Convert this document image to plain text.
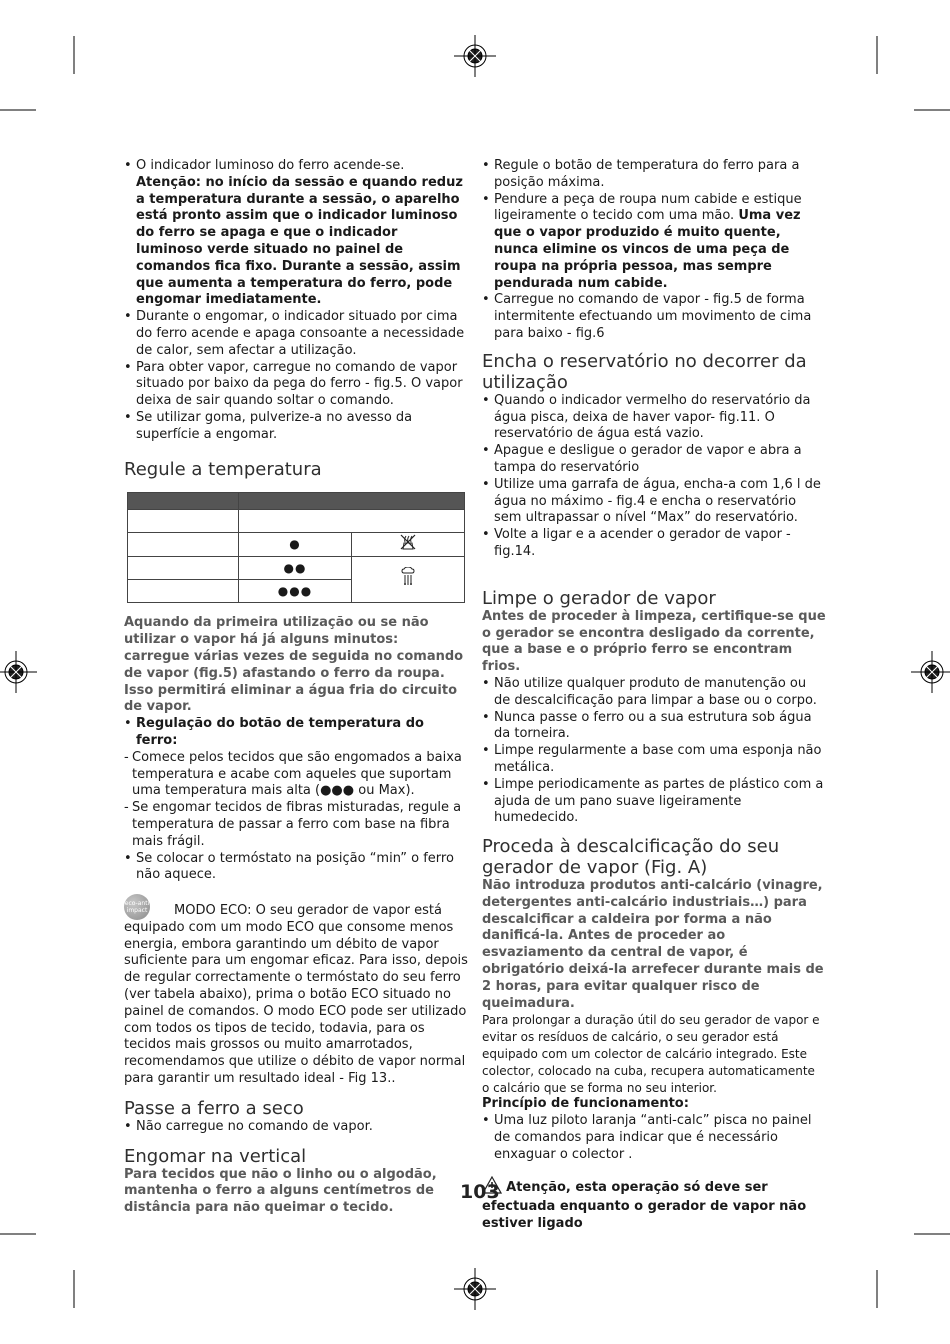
• O indicador luminoso do ferro acende-se. Atenção: no início da sessão e quando reduz a temperatura durante a sessão, o aparelho está pronto assim que o indicador luminoso do ferro se apaga e que o indicador luminoso verde situado no painel de comandos fica fixo. Durante a sessão, assim que aumenta a temperatura do ferro, pode engomar imediatamente.
• Durante o engomar, o indicador situado por cima do ferro acende e apaga consoante a necessidade de calor, sem afectar a utilização.
• Para obter vapor, carregue no comando de vapor situado por baixo da pega do ferro - fig.5. O vapor deixa de sair quando soltar o comando.
• Se utilizar goma, pulverize-a no avesso da superfície a engomar.
Regule a temperatura

	●	
	●●	
	●●●	

Aquando da primeira utilização ou se não utilizar o vapor há já alguns minutos: carregue várias vezes de seguida no comando de vapor (fig.5) afastando o ferro da roupa. Isso permitirá eliminar a água fria do circuito de vapor.

• Regulação do botão de temperatura do ferro:
- Comece pelos tecidos que são engomados a baixa temperatura e acabe com aqueles que suportam uma temperatura mais alta (●●● ou Max).
- Se engomar tecidos de fibras misturadas, regule a temperatura de passar a ferro com base na fibra mais frágil.
• Se colocar o termóstato na posição “min” o ferro não aquece.
eco-anti impact	MODO ECO: O seu gerador de vapor está equipado com um modo ECO que consome menos energia, embora garantindo um débito de vapor suficiente para um engomar eficaz. Para isso, depois de regular correctamente o termóstato do seu ferro (ver tabela abaixo), prima o botão ECO situado no painel de comandos. O modo ECO pode ser utilizado com todos os tipos de tecido, todavia, para os tecidos mais grossos ou muito amarrotados, recomendamos que utilize o débito de vapor normal para garantir um resultado ideal - Fig 13..

Passe a ferro a seco
• Não carregue no comando de vapor.
Engomar na vertical

Para tecidos que não o linho ou o algodão, mantenha o ferro a alguns centímetros de distância para não queimar o tecido.

• Regule o botão de temperatura do ferro para a posição máxima.
• Pendure a peça de roupa num cabide e estique ligeiramente o tecido com uma mão. Uma vez que o vapor produzido é muito quente, nunca elimine os vincos de uma peça de roupa na própria pessoa, mas sempre pendurada num cabide.
• Carregue no comando de vapor - fig.5 de forma intermitente efectuando um movimento de cima para baixo - fig.6
Encha o reservatório no decorrer da utilização
• Quando o indicador vermelho do reservatório da água pisca, deixa de haver vapor- fig.11. O reservatório de água está vazio.
• Apague e desligue o gerador de vapor e abra a tampa do reservatório
• Utilize uma garrafa de água, encha-a com 1,6 l de água no máximo - fig.4 e encha o reservatório sem ultrapassar o nível “Max” do reservatório.
• Volte a ligar e a acender o gerador de vapor - fig.14.
Limpe o gerador de vapor

Antes de proceder à limpeza, certifique-se que o gerador se encontra desligado da corrente, que a base e o próprio ferro se encontram frios.

• Não utilize qualquer produto de manutenção ou de descalcificação para limpar a base ou o corpo.
• Nunca passe o ferro ou a sua estrutura sob água da torneira.
• Limpe regularmente a base com uma esponja não metálica.
• Limpe periodicamente as partes de plástico com a ajuda de um pano suave ligeiramente humedecido.
Proceda à descalcificação do seu gerador de vapor (Fig. A)

Não introduza produtos anti-calcário (vinagre, detergentes anti-calcário industriais…) para descalcificar a caldeira por forma a não danificá-la. Antes de proceder ao esvaziamento da central de vapor, é obrigatório deixá-la arrefecer durante mais de 2 horas, para evitar qualquer risco de queimadura.

Para prolongar a duração útil do seu gerador de vapor e evitar os resíduos de calcário, o seu gerador está equipado com um colector de calcário integrado. Este colector, colocado na cuba, recupera automaticamente o calcário que se forma no seu interior.

Princípio de funcionamento:

• Uma luz piloto laranja “anti-calc” pisca no painel de comandos para indicar que é necessário enxaguar o colector .

Atenção, esta operação só deve ser efectuada enquanto o gerador de vapor não estiver ligado

103
